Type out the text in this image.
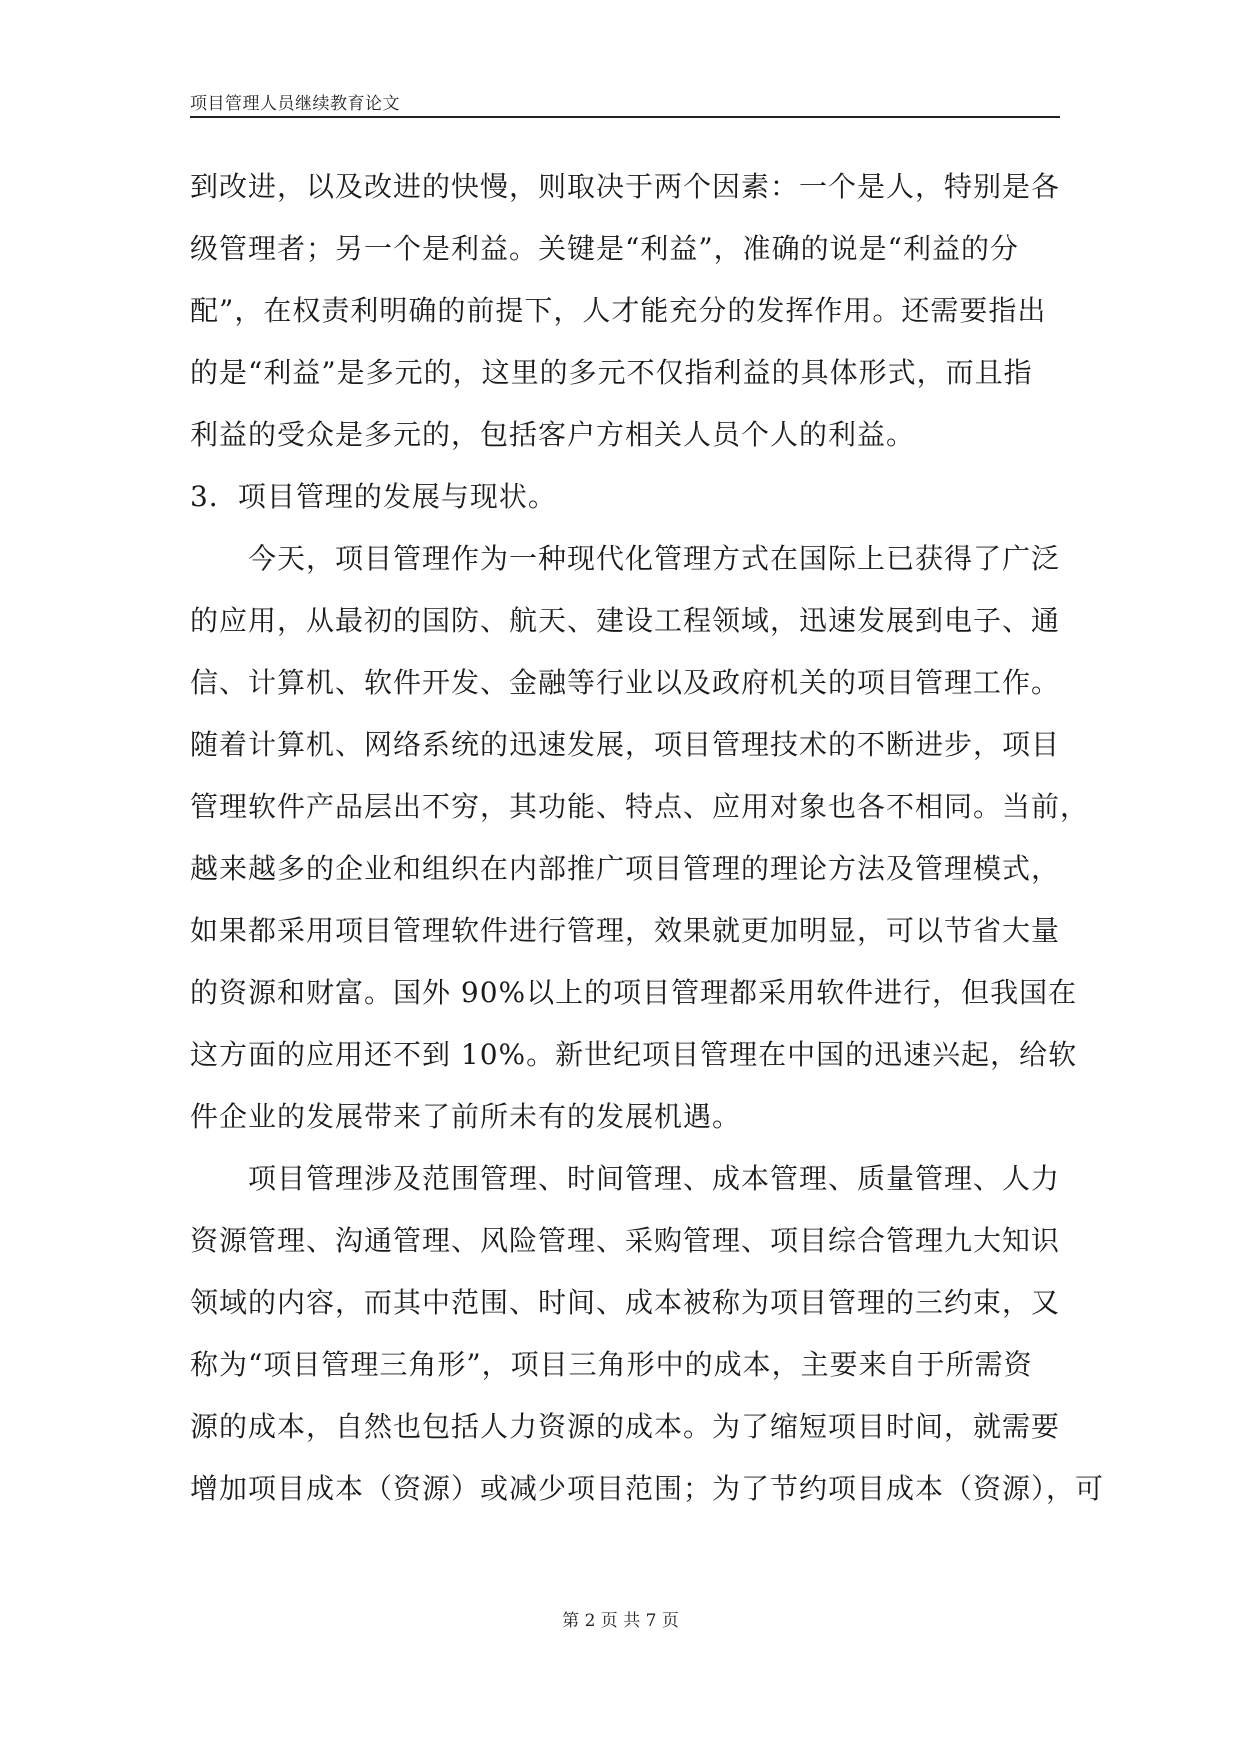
项目管理人员继续教育论文
到改进，以及改进的快慢，则取决于两个因素：一个是人，特别是各
级管理者；另一个是利益。关键是“利益”，准确的说是“利益的分
配”，在权责利明确的前提下，人才能充分的发挥作用。还需要指出
的是“利益”是多元的，这里的多元不仅指利益的具体形式，而且指
利益的受众是多元的，包括客户方相关人员个人的利益。
3．项目管理的发展与现状。
今天，项目管理作为一种现代化管理方式在国际上已获得了广泛
的应用，从最初的国防、航天、建设工程领域，迅速发展到电子、通
信、计算机、软件开发、金融等行业以及政府机关的项目管理工作。
随着计算机、网络系统的迅速发展，项目管理技术的不断进步，项目
管理软件产品层出不穷，其功能、特点、应用对象也各不相同。当前，
越来越多的企业和组织在内部推广项目管理的理论方法及管理模式，
如果都采用项目管理软件进行管理，效果就更加明显，可以节省大量
的资源和财富。国外 90%以上的项目管理都采用软件进行，但我国在
这方面的应用还不到 10%。新世纪项目管理在中国的迅速兴起，给软
件企业的发展带来了前所未有的发展机遇。
项目管理涉及范围管理、时间管理、成本管理、质量管理、人力
资源管理、沟通管理、风险管理、采购管理、项目综合管理九大知识
领域的内容，而其中范围、时间、成本被称为项目管理的三约束，又
称为“项目管理三角形”，项目三角形中的成本，主要来自于所需资
源的成本，自然也包括人力资源的成本。为了缩短项目时间，就需要
增加项目成本（资源）或减少项目范围；为了节约项目成本（资源），可
第 2 页 共 7 页
